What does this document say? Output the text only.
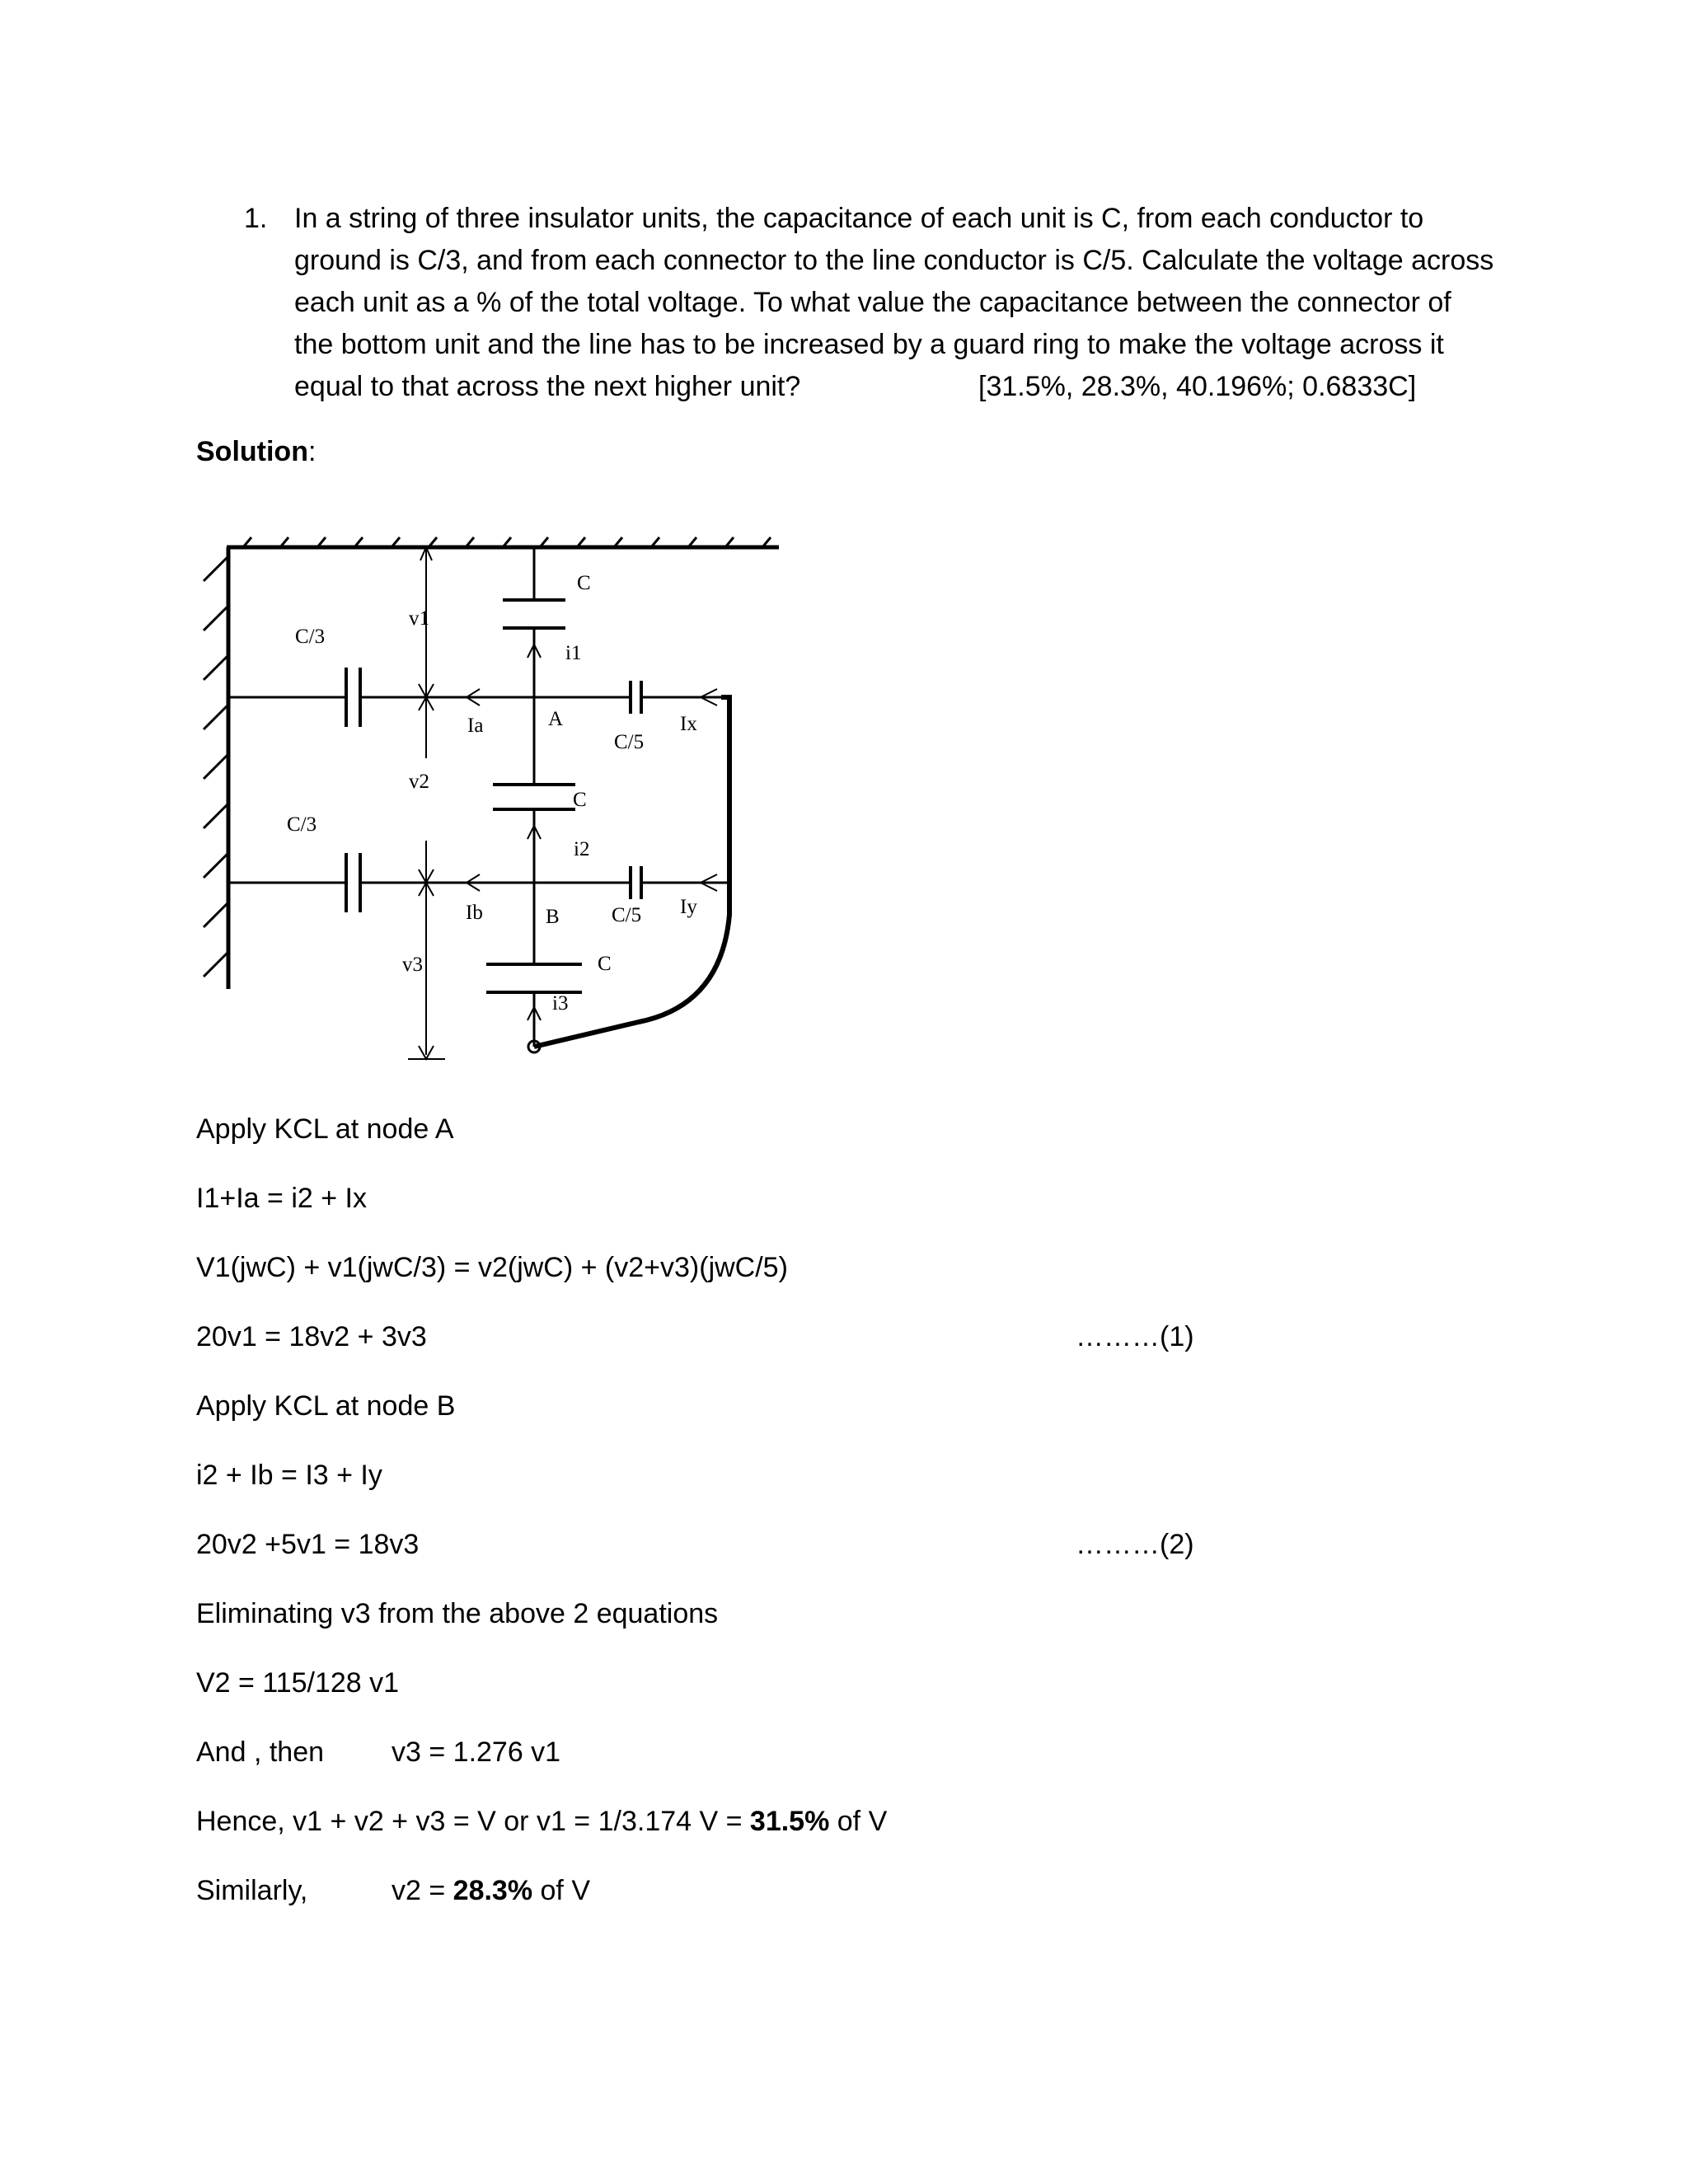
1. In a string of three insulator units, the capacitance of each unit is C, from each conductor to
ground is C/3, and from each connector to the line conductor is C/5. Calculate the voltage across
each unit as a % of the total voltage. To what value the capacitance between the connector of
the bottom unit and the line has to be increased by a guard ring to make the voltage across it
equal to that across the next higher unit?	[31.5%, 28.3%, 40.196%; 0.6833C]
Solution:
v1
v2
v3
C/3
C/3
C
C
C
C/5
C/5
i1
i2
i3
Ia
Ib
Ix
Iy
A
B
Apply KCL at node A
I1+Ia = i2 + Ix
V1(jwC) + v1(jwC/3) = v2(jwC) + (v2+v3)(jwC/5)
20v1 = 18v2 + 3v3	………(1)
Apply KCL at node B
i2 + Ib = I3 + Iy
20v2 +5v1 = 18v3	………(2)
Eliminating v3 from the above 2 equations
V2 = 115/128 v1
And , then v3 = 1.276 v1
Hence, v1 + v2 + v3 = V or v1 = 1/3.174 V = 31.5% of V
Similarly,	v2 = 28.3% of V
